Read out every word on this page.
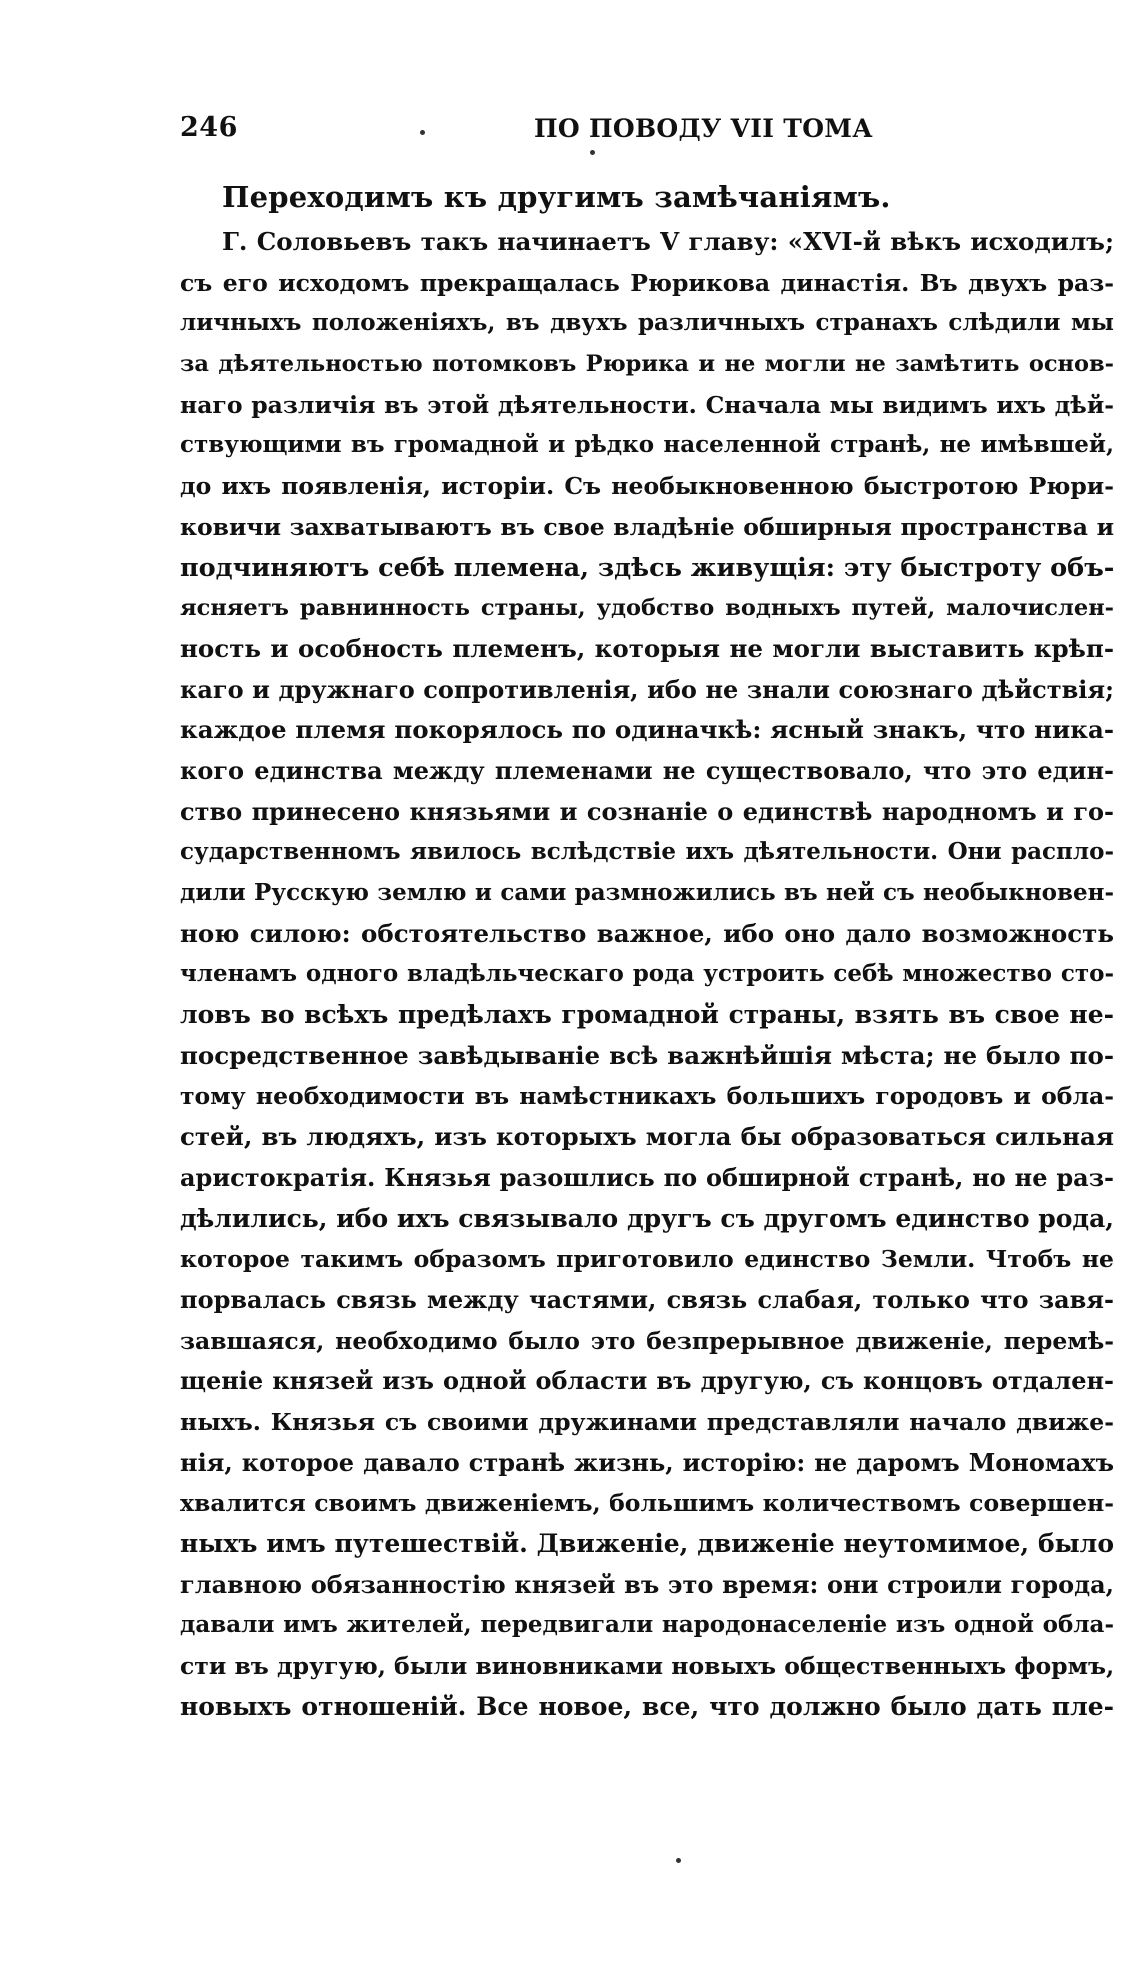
246	ПО ПОВОДУ VII ТОМА
Переходимъ къ другимъ замѣчаніямъ.
Г. Соловьевъ такъ начинаетъ V главу: «XVI-й вѣкъ исходилъ;
съ его исходомъ прекращалась Рюрикова династія. Въ двухъ раз-
личныхъ положеніяхъ, въ двухъ различныхъ странахъ слѣдили мы
за дѣятельностью потомковъ Рюрика и не могли не замѣтить основ-
наго различія въ этой дѣятельности. Сначала мы видимъ ихъ дѣй-
ствующими въ громадной и рѣдко населенной странѣ, не имѣвшей,
до ихъ появленія, исторіи. Съ необыкновенною быстротою Рюри-
ковичи захватываютъ въ свое владѣніе обширныя пространства и
подчиняютъ себѣ племена, здѣсь живущія: эту быстроту объ-
ясняетъ равнинность страны, удобство водныхъ путей, малочислен-
ность и особность племенъ, которыя не могли выставить крѣп-
каго и дружнаго сопротивленія, ибо не знали союзнаго дѣйствія;
каждое племя покорялось по одиначкѣ: ясный знакъ, что ника-
кого единства между племенами не существовало, что это един-
ство принесено князьями и сознаніе о единствѣ народномъ и го-
сударственномъ явилось вслѣдствіе ихъ дѣятельности. Они распло-
дили Русскую землю и сами размножились въ ней съ необыкновен-
ною силою: обстоятельство важное, ибо оно дало возможность
членамъ одного владѣльческаго рода устроить себѣ множество сто-
ловъ во всѣхъ предѣлахъ громадной страны, взять въ свое не-
посредственное завѣдываніе всѣ важнѣйшія мѣста; не было по-
тому необходимости въ намѣстникахъ большихъ городовъ и обла-
стей, въ людяхъ, изъ которыхъ могла бы образоваться сильная
аристократія. Князья разошлись по обширной странѣ, но не раз-
дѣлились, ибо ихъ связывало другъ съ другомъ единство рода,
которое такимъ образомъ приготовило единство Земли. Чтобъ не
порвалась связь между частями, связь слабая, только что завя-
завшаяся, необходимо было это безпрерывное движеніе, перемѣ-
щеніе князей изъ одной области въ другую, съ концовъ отдален-
ныхъ. Князья съ своими дружинами представляли начало движе-
нія, которое давало странѣ жизнь, исторію: не даромъ Мономахъ
хвалится своимъ движеніемъ, большимъ количествомъ совершен-
ныхъ имъ путешествій. Движеніе, движеніе неутомимое, было
главною обязанностію князей въ это время: они строили города,
давали имъ жителей, передвигали народонаселеніе изъ одной обла-
сти въ другую, были виновниками новыхъ общественныхъ формъ,
новыхъ отношеній. Все новое, все, что должно было дать пле-
